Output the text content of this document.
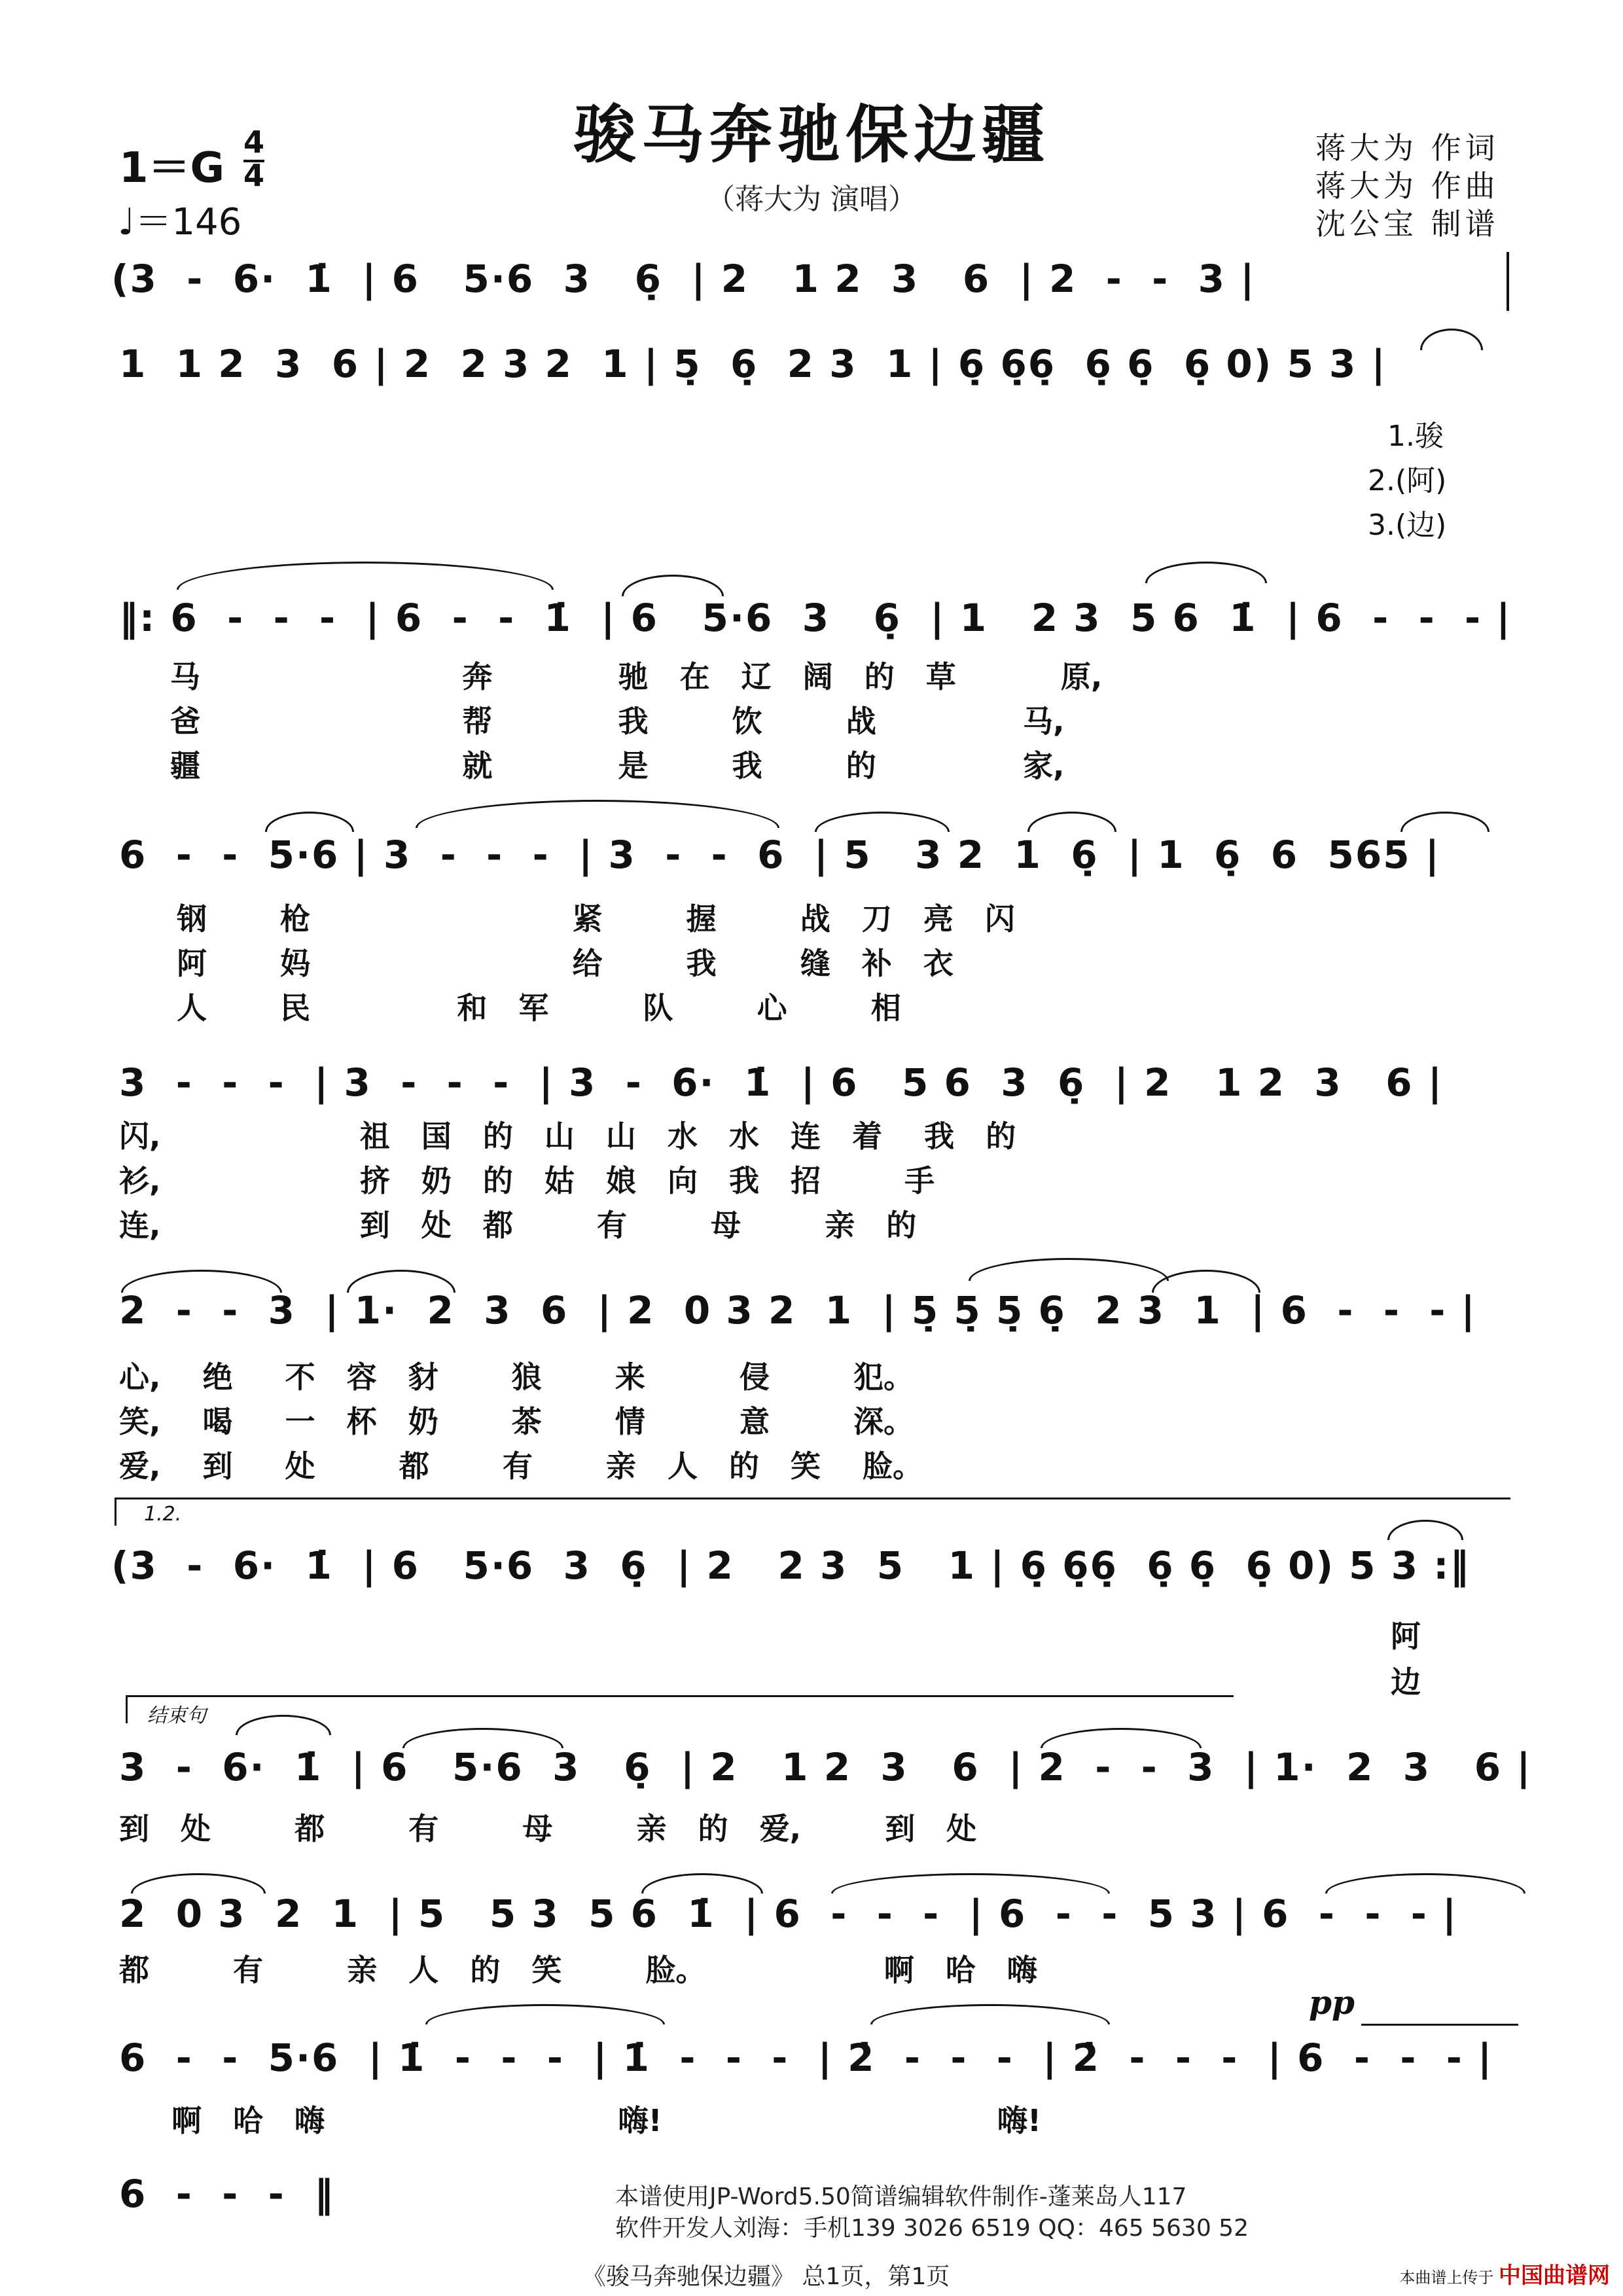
骏马奔驰保边疆
（蒋大为 演唱）
1＝G
4
4
♩＝146
蒋大为 作词
蒋大为 作曲
沈公宝 制谱
(3  -  6·  1̇  | 6   5·6  3   6̣  | 2   1 2  3   6  | 2  -  -  3 |
1  1 2  3  6 | 2  2 3 2  1 | 5̣  6̣  2 3  1 | 6̣ 6̣6̣  6̣ 6̣  6̣ 0) 5 3 |
1.骏
2.(阿)
3.(边)
‖: 6  -  -  -  | 6  -  -  1̇  | 6   5·6  3   6̣  | 1   2 3  5 6  1̇  | 6  -  -  - |
马                         奔            驰   在   辽   阔   的   草          原,
爸                         帮            我        饮        战              马,
疆                         就            是        我        的              家,
6  -  -  5·6 | 3  -  -  -  | 3  -  -  6  | 5   3 2  1  6̣  | 1  6̣  6  565 |
钢       枪                         紧        握        战   刀   亮   闪
阿       妈                         给        我        缝   补   衣
人       民              和   军         队        心        相
3  -  -  -  | 3  -  -  -  | 3  -  6·  1̇  | 6   5 6  3  6̣  | 2   1 2  3   6 |
闪,                   祖   国   的   山   山   水   水   连   着    我   的
衫,                   挤   奶   的   姑   娘   向   我   招        手
连,                   到   处   都        有        母        亲   的
2  -  -  3  | 1·  2  3  6  | 2  0 3 2  1  | 5̣ 5̣ 5̣ 6̣  2 3  1  | 6  -  -  - |
心,    绝     不   容   豺       狼       来         侵        犯。
笑,    喝     一   杯   奶       茶       情         意        深。
爱,    到     处        都       有       亲   人   的   笑    脸。
1.2.
(3  -  6·  1̇  | 6   5·6  3  6̣  | 2   2 3  5   1 | 6̣ 6̣6̣  6̣ 6̣  6̣ 0) 5 3 :‖
阿
边
结束句
3  -  6·  1̇  | 6   5·6  3   6̣  | 2   1 2  3   6  | 2  -  -  3  | 1·  2  3   6 |
到   处        都        有        母        亲   的   爱,        到   处
2  0 3  2  1  | 5   5 3  5 6  1̇  | 6  -  -  -  | 6  -  -  5 3 | 6  -  -  - |
都        有        亲   人   的   笑        脸。                 啊   哈   嗨
pp
6  -  -  5·6  | 1̇  -  -  -  | 1̇  -  -  -  | 2̇  -  -  -  | 2̇  -  -  -  | 6  -  -  - |
啊   哈   嗨                            嗨!                                嗨!
6  -  -  -  ‖	本谱使用JP-Word5.50简谱编辑软件制作-蓬莱岛人117
软件开发人刘海：手机139 3026 6519 QQ：465 5630 52
《骏马奔驰保边疆》 总1页，第1页	本曲谱上传于 中国曲谱网
